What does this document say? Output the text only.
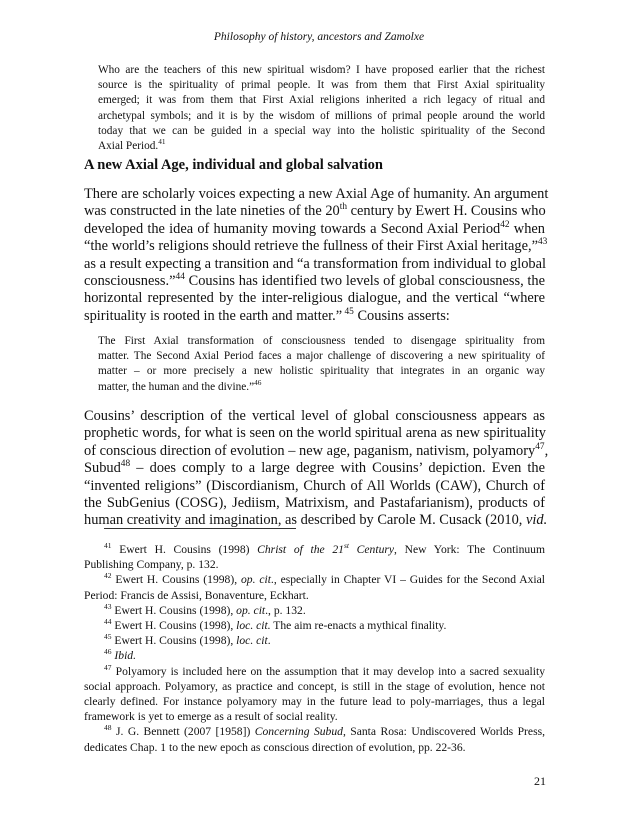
Philosophy of history, ancestors and Zamolxe
Who are the teachers of this new spiritual wisdom? I have proposed earlier that the richest
source is the spirituality of primal people. It was from them that First Axial spirituality
emerged; it was from them that First Axial religions inherited a rich legacy of ritual and
archetypal symbols; and it is by the wisdom of millions of primal people around the world
today that we can be guided in a special way into the holistic spirituality of the Second
Axial Period.$^{41}$
A new Axial Age, individual and global salvation
There are scholarly voices expecting a new Axial Age of humanity. An argument
was constructed in the late nineties of the 20th century by Ewert H. Cousins who
developed the idea of humanity moving towards a Second Axial Period$^{42}$ when
“the world’s religions should retrieve the fullness of their First Axial heritage,”$^{43}$
as a result expecting a transition and “a transformation from individual to global
consciousness.”$^{44}$ Cousins has identified two levels of global consciousness, the
horizontal represented by the inter-religious dialogue, and the vertical “where
spirituality is rooted in the earth and matter.” $^{45}$ Cousins asserts:
The First Axial transformation of consciousness tended to disengage spirituality from
matter. The Second Axial Period faces a major challenge of discovering a new spirituality of
matter – or more precisely a new holistic spirituality that integrates in an organic way
matter, the human and the divine.”$^{46}$
Cousins’ description of the vertical level of global consciousness appears as
prophetic words, for what is seen on the world spiritual arena as new spirituality
of conscious direction of evolution – new age, paganism, nativism, polyamory$^{47}$,
Subud$^{48}$ – does comply to a large degree with Cousins’ depiction. Even the
“invented religions” (Discordianism, Church of All Worlds (CAW), Church of
the SubGenius (COSG), Jediism, Matrixism, and Pastafarianism), products of
human creativity and imagination, as described by Carole M. Cusack (2010, vid.
$^{41}$ Ewert H. Cousins (1998) Christ of the 21st Century, New York: The Continuum
Publishing Company, p. 132.
$^{42}$ Ewert H. Cousins (1998), op. cit., especially in Chapter VI – Guides for the Second Axial
Period: Francis de Assisi, Bonaventure, Eckhart.
$^{43}$ Ewert H. Cousins (1998), op. cit., p. 132.
$^{44}$ Ewert H. Cousins (1998), loc. cit. The aim re-enacts a mythical finality.
$^{45}$ Ewert H. Cousins (1998), loc. cit.
$^{46}$ Ibid.
$^{47}$ Polyamory is included here on the assumption that it may develop into a sacred sexuality
social approach. Polyamory, as practice and concept, is still in the stage of evolution, hence not
clearly defined. For instance polyamory may in the future lead to poly-marriages, thus a legal
framework is yet to emerge as a result of social reality.
$^{48}$ J. G. Bennett (2007 [1958]) Concerning Subud, Santa Rosa: Undiscovered Worlds Press,
dedicates Chap. 1 to the new epoch as conscious direction of evolution, pp. 22-36.
21
